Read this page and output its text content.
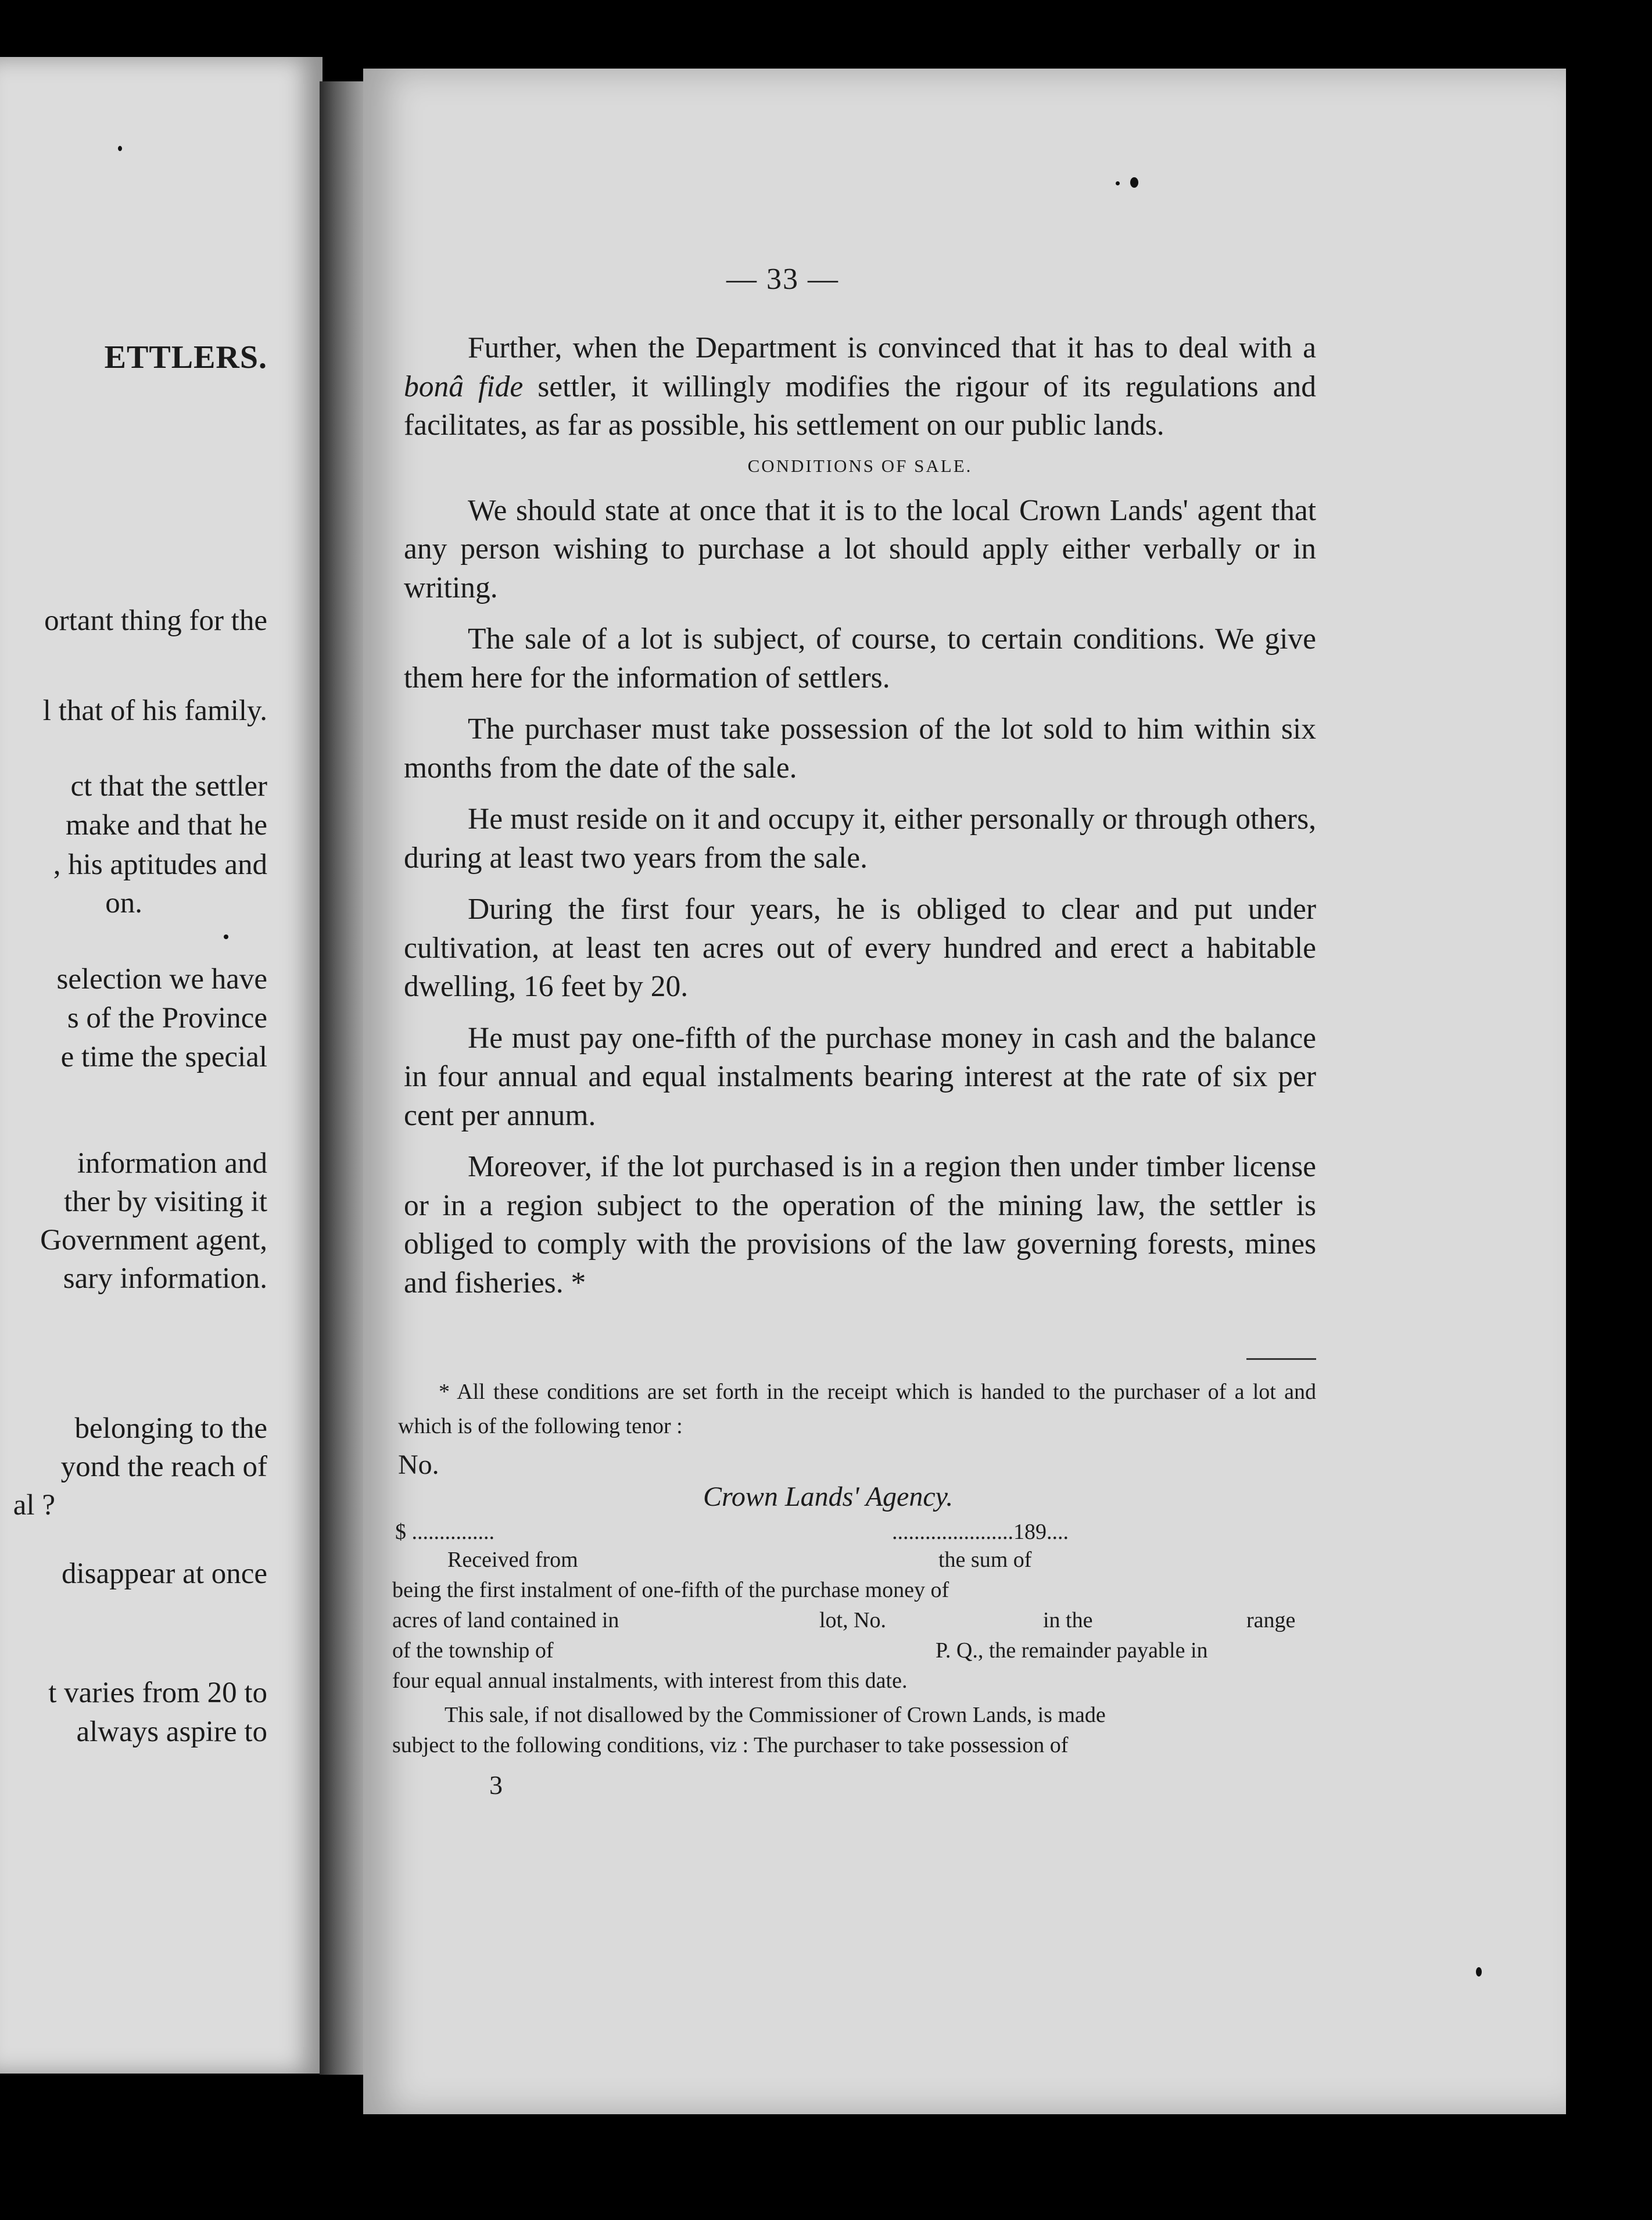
ETTLERS.
ortant thing for the
l that of his family.
ct that the settler
make and that he
, his aptitudes and
on.
selection we have
s of the Province
e time the special
information and
ther by visiting it
Government agent,
sary information.
belonging to the
yond the reach of
al ?
disappear at once
t varies from 20 to
always aspire to
— 33 —

Further, when the Department is convinced that it has to deal with a bonâ fide settler, it willingly modifies the rigour of its regulations and facilitates, as far as possible, his settlement on our public lands.

CONDITIONS OF SALE.

We should state at once that it is to the local Crown Lands' agent that any person wishing to purchase a lot should apply either verbally or in writing.

The sale of a lot is subject, of course, to certain conditions. We give them here for the information of settlers.

The purchaser must take possession of the lot sold to him within six months from the date of the sale.

He must reside on it and occupy it, either personally or through others, during at least two years from the sale.

During the first four years, he is obliged to clear and put under cultivation, at least ten acres out of every hundred and erect a habitable dwelling, 16 feet by 20.

He must pay one-fifth of the purchase money in cash and the balance in four annual and equal instalments bearing interest at the rate of six per cent per annum.

Moreover, if the lot purchased is in a region then under timber license or in a region subject to the operation of the mining law, the settler is obliged to comply with the provisions of the law governing forests, mines and fisheries. *

* All these conditions are set forth in the receipt which is handed to the purchaser of a lot and which is of the following tenor :

No.
Crown Lands' Agency.
$ ...............	......................189....
Received from	the sum of
being the first instalment of one-fifth of the purchase money of
acres of land contained in	lot, No.	in the	range
of the township of	P. Q., the remainder payable in
four equal annual instalments, with interest from this date.
This sale, if not disallowed by the Commissioner of Crown Lands, is made
subject to the following conditions, viz : The purchaser to take possession of
3
